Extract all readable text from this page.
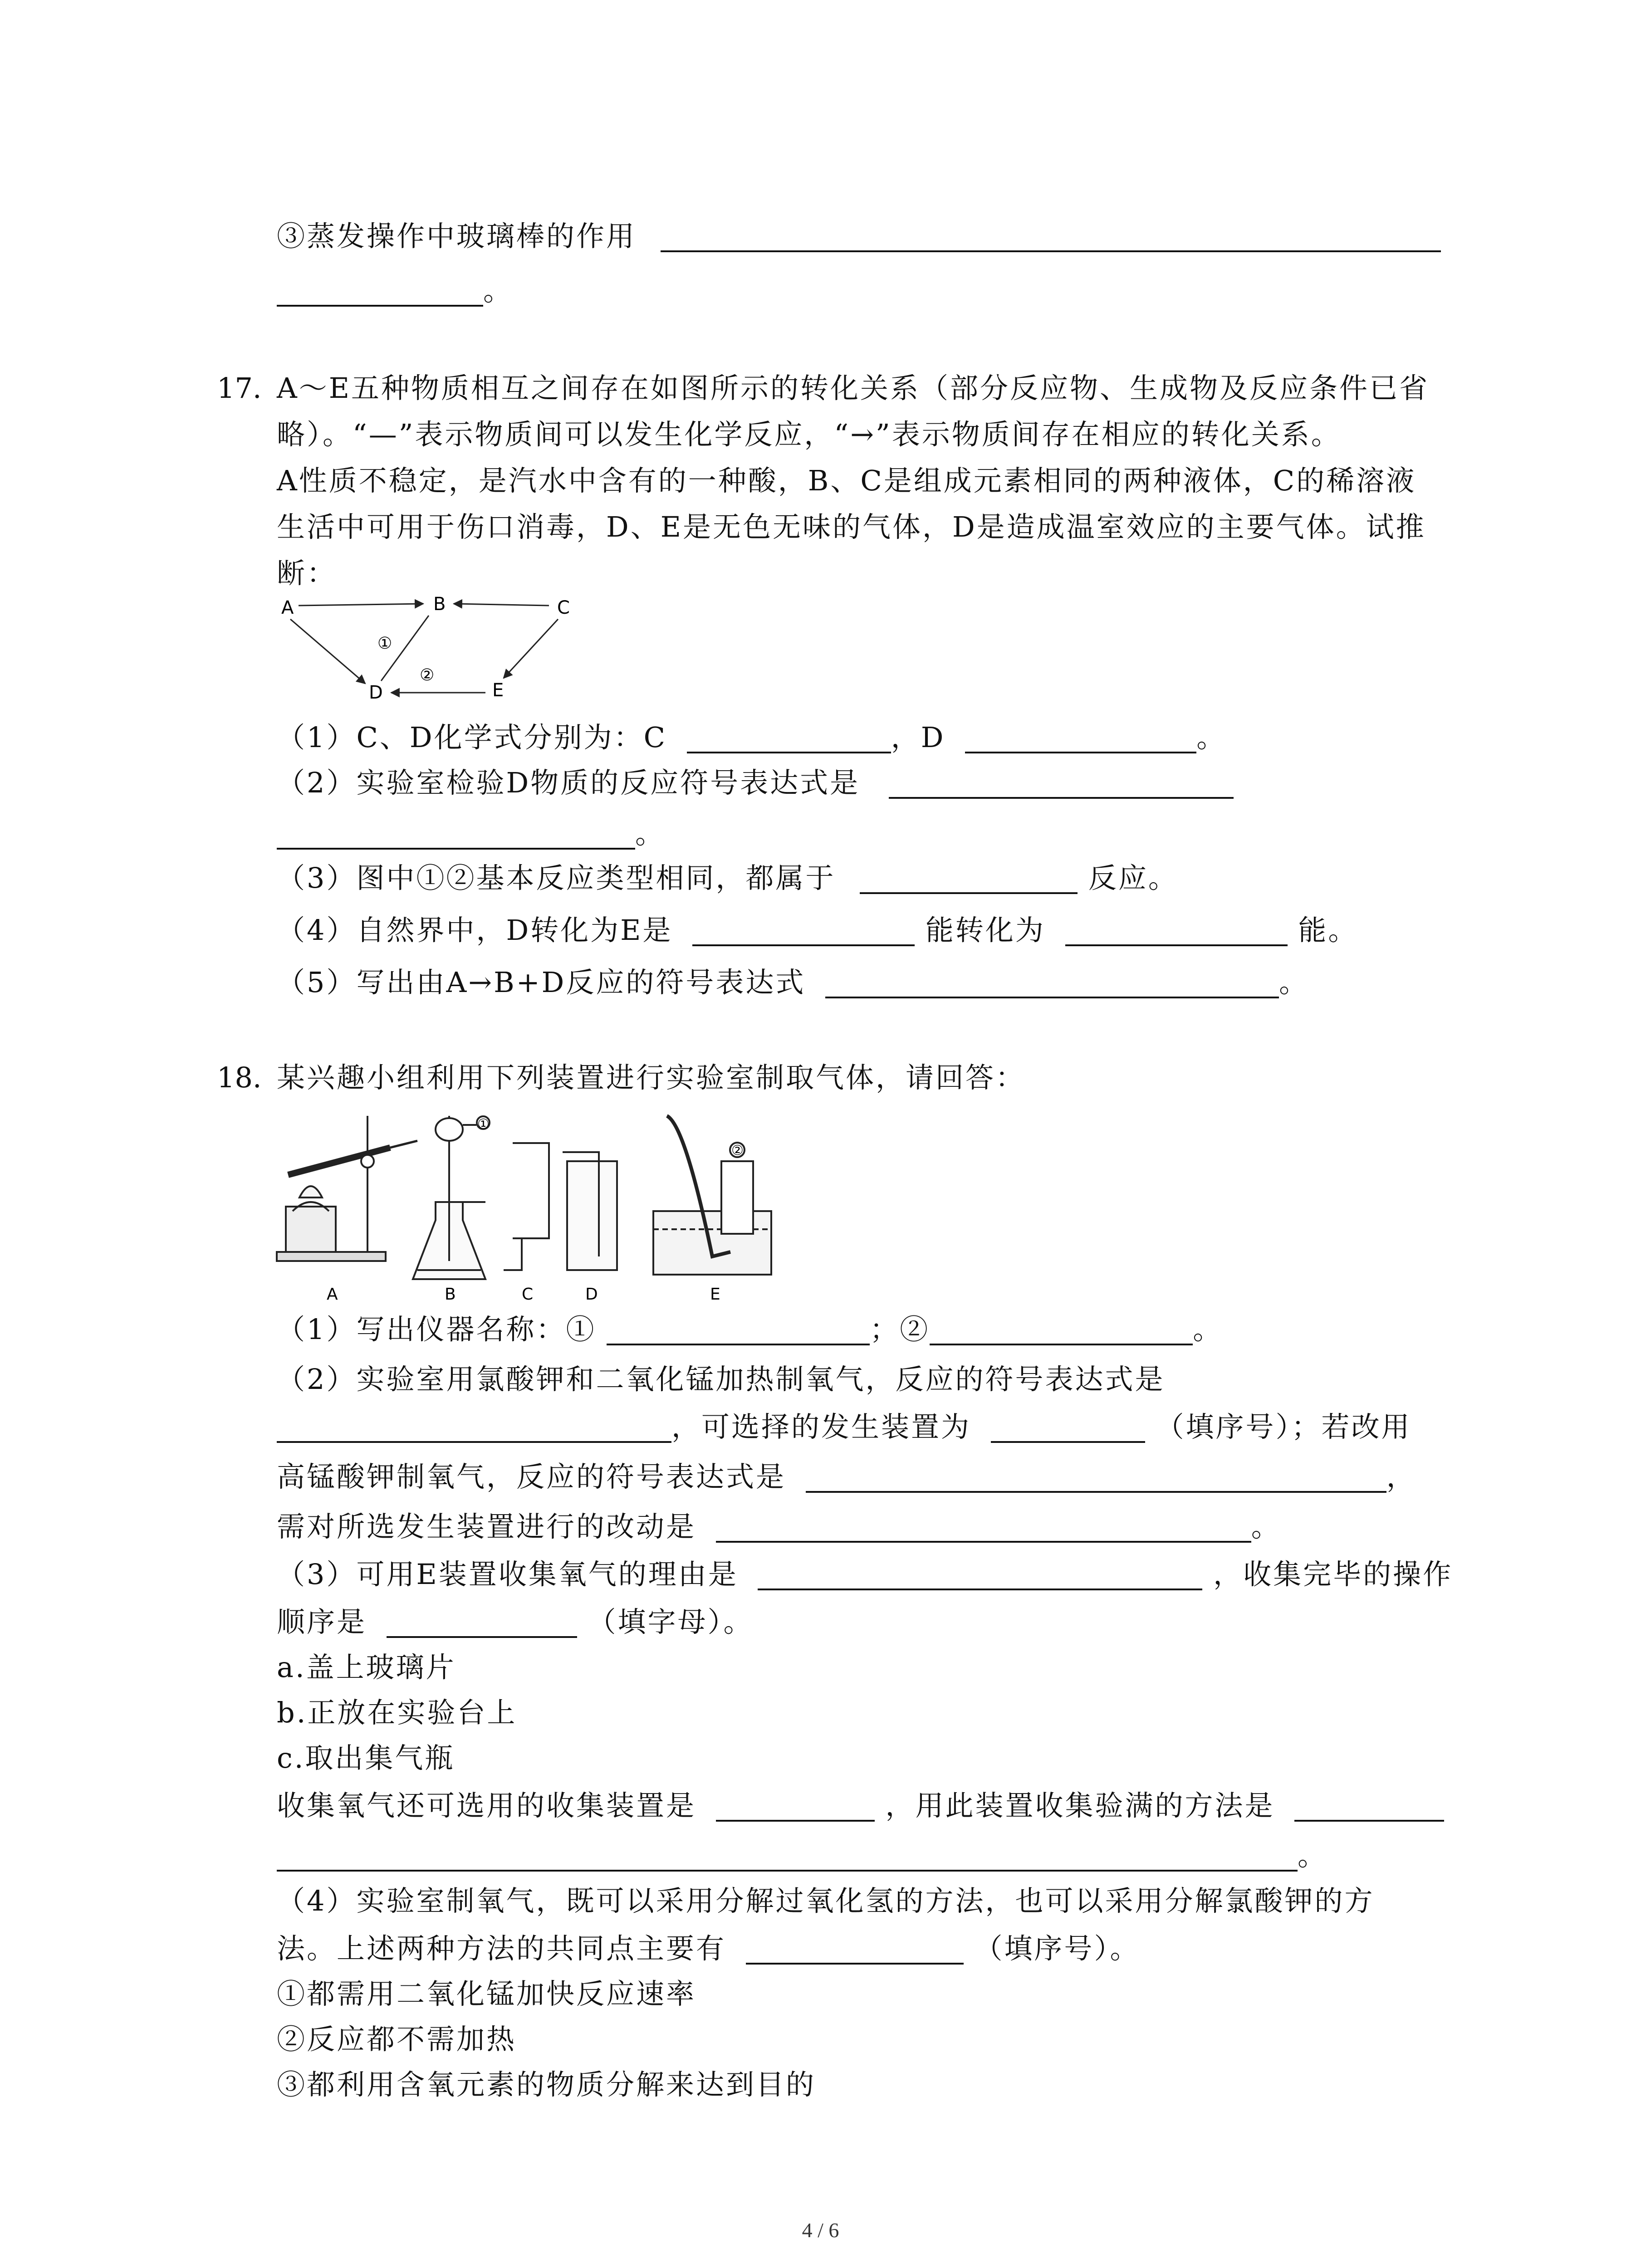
③蒸发操作中玻璃棒的作用
。
17. A～E五种物质相互之间存在如图所示的转化关系（部分反应物、生成物及反应条件已省
略）。“—”表示物质间可以发生化学反应，“→”表示物质间存在相应的转化关系。
A性质不稳定，是汽水中含有的一种酸，B、C是组成元素相同的两种液体，C的稀溶液
生活中可用于伤口消毒，D、E是无色无味的气体，D是造成温室效应的主要气体。试推
断：
A	B	C
D	E
①
②
（1）C、D化学式分别为：C	，D	。
（2）实验室检验D物质的反应符号表达式是
。
（3）图中①②基本反应类型相同，都属于	反应。
（4）自然界中，D转化为E是	能转化为	能。
（5）写出由A→B+D反应的符号表达式	。
18. 某兴趣小组利用下列装置进行实验室制取气体，请回答：
A	B	C	D	E
①
②
（1）写出仪器名称：①	；②	。
（2）实验室用氯酸钾和二氧化锰加热制氧气，反应的符号表达式是
，可选择的发生装置为	（填序号）；若改用
高锰酸钾制氧气，反应的符号表达式是	，
需对所选发生装置进行的改动是	。
（3）可用E装置收集氧气的理由是	，收集完毕的操作
顺序是	（填字母）。
a.盖上玻璃片
b.正放在实验台上
c.取出集气瓶
收集氧气还可选用的收集装置是	，用此装置收集验满的方法是
。
（4）实验室制氧气，既可以采用分解过氧化氢的方法，也可以采用分解氯酸钾的方
法。上述两种方法的共同点主要有	（填序号）。
①都需用二氧化锰加快反应速率
②反应都不需加热
③都利用含氧元素的物质分解来达到目的
4 / 6
